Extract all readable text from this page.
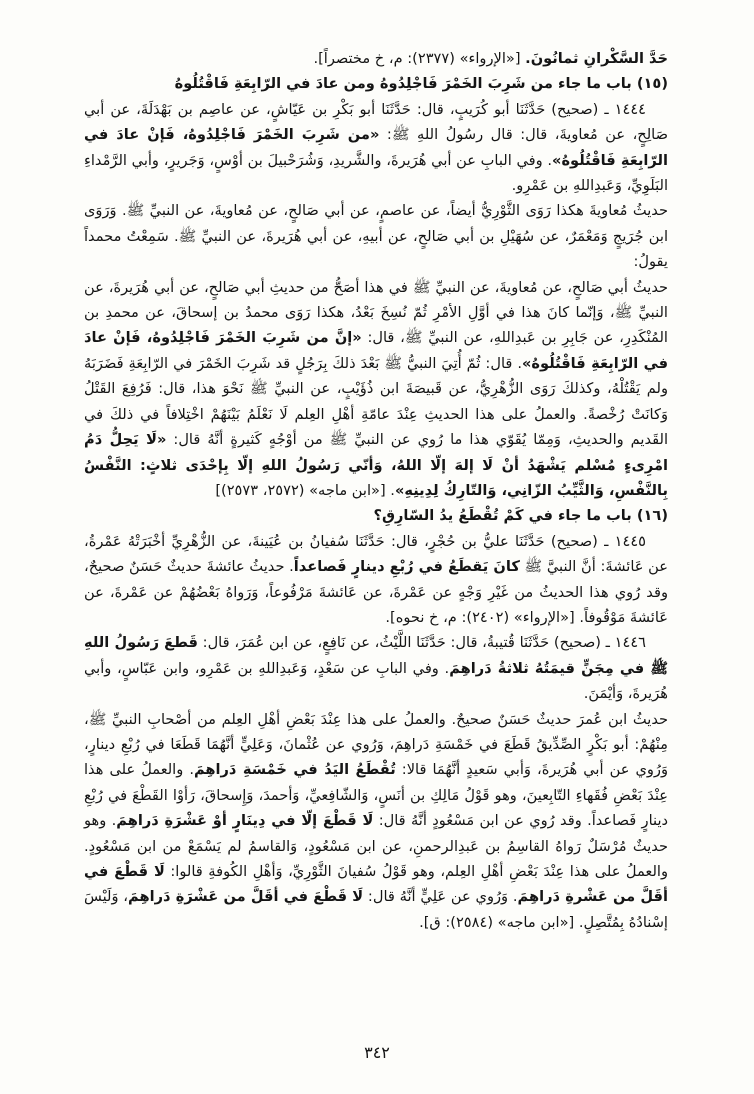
حَدَّ السَّكْرانِ ثمانُونَ. [«الإرواء» (٢٣٧٧): م، خ مختصراً].

(١٥) باب ما جاء من شَرِبَ الخَمْرَ فَاجْلِدُوهُ ومن عادَ في الرّابِعَةِ فَاقْتُلُوهُ

١٤٤٤ ـ (صحيح) حَدَّثَنَا أبو كُرَيبٍ، قال: حَدَّثَنَا أبو بَكْرِ بن عَيّاشٍ، عن عاصِم بن بَهْدَلَةَ، عن أبي صَالِحٍ، عن مُعاويةَ، قال: قال رسُولُ اللهِ ﷺ: «من شَرِبَ الخَمْرَ فَاجْلِدُوهُ، فَإنْ عادَ في الرّابِعَةِ فَاقْتُلُوهُ». وفي البابِ عن أبي هُرَيرةَ، والشَّريدِ، وَشُرَحْبيلَ بن أوْسٍ، وَجَريرٍ، وأبي الرَّمْداءِ البَلَوِيِّ، وَعَبدِاللهِ بن عَمْرِو.

حديثُ مُعاويةَ هكذا رَوَى الثَّوْرِيُّ أيضاً، عن عاصمٍ، عن أبي صَالحٍ، عن مُعاويةَ، عن النبيِّ ﷺ. وَرَوَى ابن جُرَيجٍ وَمَعْمَرٌ، عن سُهَيْلِ بن أبي صَالحٍ، عن أبيهِ، عن أبي هُرَيرةَ، عن النبيِّ ﷺ. سَمِعْتُ محمداً يقولُ:

حديثُ أبي صَالحٍ، عن مُعاويةَ، عن النبيِّ ﷺ في هذا أصَحُّ من حديثِ أبي صَالحٍ، عن أبي هُرَيرةَ، عن النبيِّ ﷺ، وَإنّما كانَ هذا في أوَّلِ الأمْرِ ثُمّ نُسِخَ بَعْدُ، هكذا رَوَى محمدُ بن إسحاقَ، عن محمدِ بن المُنْكَدِرِ، عن جَابِرِ بن عَبدِاللهِ، عن النبيِّ ﷺ، قال: «إنَّ من شَرِبَ الخَمْرَ فَاجْلِدُوهُ، فَإنْ عادَ في الرّابِعَةِ فَاقْتُلُوهُ». قال: ثُمّ أُتِيَ النبيُّ ﷺ بَعْدَ ذلكَ بِرَجُلٍ قد شَرِبَ الخَمْرَ في الرّابِعَةِ فَضَرَبَهُ ولم يَقْتُلْهُ، وكذلكَ رَوَى الزُّهْرِيُّ، عن قَبيصَةَ ابن ذُؤَيْبٍ، عن النبيِّ ﷺ نَحْوَ هذا، قال: فَرُفِعَ القَتْلُ وَكانَتْ رُخْصةً. والعملُ على هذا الحديثِ عِنْدَ عامّةِ أهْلِ العِلم لَا نَعْلَمُ بَيْنَهُمْ اخْتِلافاً في ذلكَ في القَديم والحديثِ، وَمِمّا يُقَوّي هذا ما رُوي عن النبيِّ ﷺ من أوْجُهٍ كَثيرةٍ أنَّهُ قال: «لَا يَحِلُّ دَمُ امْرِىءٍ مُسْلم يَشْهَدُ أنْ لَا إلهَ إلّا اللهُ، وَأنّي رَسُولُ اللهِ إلّا بِإحْدَى ثلاثٍ: النَّفْسُ بِالنَّفْسِ، وَالثَّيِّبُ الزّانِي، وَالتّارِكُ لِدِينِهِ». [«ابن ماجه» (٢٥٧٢، ٢٥٧٣)]

(١٦) باب ما جاء في كَمْ تُقْطَعُ يدُ السّارِقِ؟

١٤٤٥ ـ (صحيح) حَدَّثَنَا عليُّ بن حُجْرٍ، قال: حَدَّثَنَا سُفيانُ بن عُيَينةَ، عن الزُّهْرِيِّ أخْبَرَتْهُ عَمْرةُ، عن عَائشةَ: أنَّ النبيَّ ﷺ كانَ يَقطَعُ في رُبْعِ دينارٍ فَصاعداً. حديثُ عائشةَ حديثٌ حَسَنٌ صحيحٌ، وقد رُوي هذا الحديثُ من غَيْرِ وَجْهٍ عن عَمْرةَ، عن عَائشةَ مَرْفُوعاً، وَرَواهُ بَعْضُهُمْ عن عَمْرةَ، عن عَائشةَ مَوْقُوفاً. [«الإرواء» (٢٤٠٢): م، خ نحوه].

١٤٤٦ ـ (صحيح) حَدَّثَنَا قُتيبةُ، قال: حَدَّثَنَا اللَّيْثُ، عن نَافِعٍ، عن ابن عُمَرَ، قال: قَطعَ رَسُولُ اللهِ ﷺ في مِجَنٍّ قيمَتُهُ ثلاثةُ دَراهِمَ. وفي البابِ عن سَعْدٍ، وَعَبدِاللهِ بن عَمْرِو، وابن عَبّاسٍ، وأبي هُرَيرةَ، وَأيْمَنَ.

حديثُ ابن عُمرَ حديثٌ حَسَنٌ صحيحٌ. والعملُ على هذا عِنْدَ بَعْضِ أهْلِ العِلم من أصْحابِ النبيِّ ﷺ، مِنْهُمْ: أبو بَكْرٍ الصِّدِّيقُ قَطَعَ في خَمْسَةِ دَراهِمَ، وَرُوي عن عُثْمانَ، وَعَلِيٍّ أنَّهُمَا قَطَعَا في رُبْعِ دينارٍ، وَرُوي عن أبي هُرَيرةَ، وَأبي سَعيدٍ أنَّهُمَا قالا: تُقْطَعُ اليَدُ في خَمْسَةِ دَراهِمَ. والعملُ على هذا عِنْدَ بَعْضِ فُقَهاءِ التّابِعينَ، وهو قَوْلُ مَالِكِ بن أنَسٍ، وَالشّافِعيِّ، وَأحمدَ، وَإِسحاقَ، رَأوْا القَطْعَ في رُبْعِ دينارٍ فَصاعداً. وقد رُوي عن ابن مَسْعُودٍ أنَّهُ قال: لَا قَطْعَ إلّا في دِينَارٍ أوْ عَشْرَةِ دَراهِمَ. وهو حديثٌ مُرْسَلٌ رَواهُ القاسِمُ بن عَبدِالرحمنِ، عن ابن مَسْعُودٍ، وَالقاسمُ لم يَسْمَعْ من ابن مَسْعُودٍ. والعملُ على هذا عِنْدَ بَعْضِ أهْلِ العِلم، وهو قَوْلُ سُفيانَ الثَّوْرِيِّ، وَأهْلِ الكُوفةِ قالوا: لَا قَطْعَ في أقَلَّ من عَشْرةِ دَراهِمَ. وَرُوي عن عَلِيٍّ أنَّهُ قال: لَا قَطْعَ في أقَلَّ من عَشْرَةِ دَراهِمَ، وَلَيْسَ إسْنادُهُ بِمُتَّصِلٍ. [«ابن ماجه» (٢٥٨٤): ق].

٣٤٢
